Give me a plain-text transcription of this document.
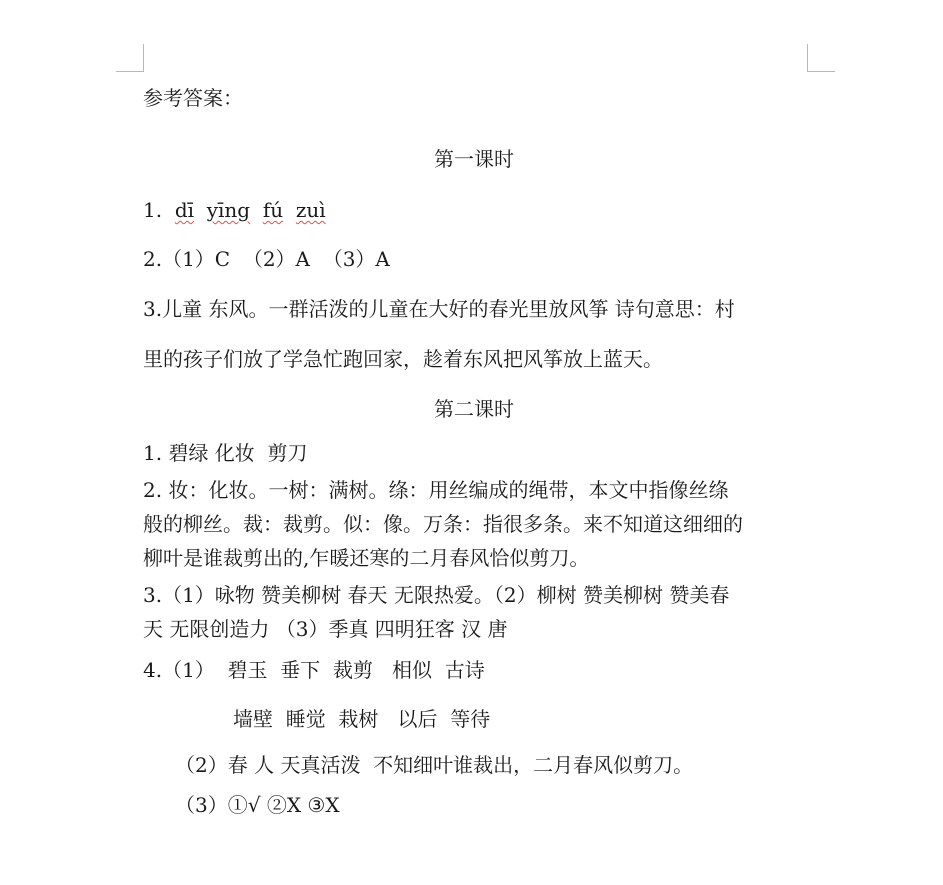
参考答案：
第一课时
1. dī yīng fú zuì
2.（1）C  （2）A  （3）A
3.儿童 东风。一群活泼的儿童在大好的春光里放风筝 诗句意思：村
里的孩子们放了学急忙跑回家，趁着东风把风筝放上蓝天。
第二课时
1. 碧绿 化妆  剪刀
2. 妆：化妆。一树：满树。绦：用丝编成的绳带，本文中指像丝绦
般的柳丝。裁：裁剪。似：像。万条：指很多条。来不知道这细细的
柳叶是谁裁剪出的,乍暖还寒的二月春风恰似剪刀。
3.（1）咏物 赞美柳树 春天 无限热爱。（2）柳树 赞美柳树 赞美春
天 无限创造力 （3）季真 四明狂客 汉 唐
4.（1）  碧玉  垂下  裁剪   相似  古诗
墙壁  睡觉  栽树   以后  等待
（2）春 人 天真活泼  不知细叶谁裁出，二月春风似剪刀。
（3）①√ ②X ③X
